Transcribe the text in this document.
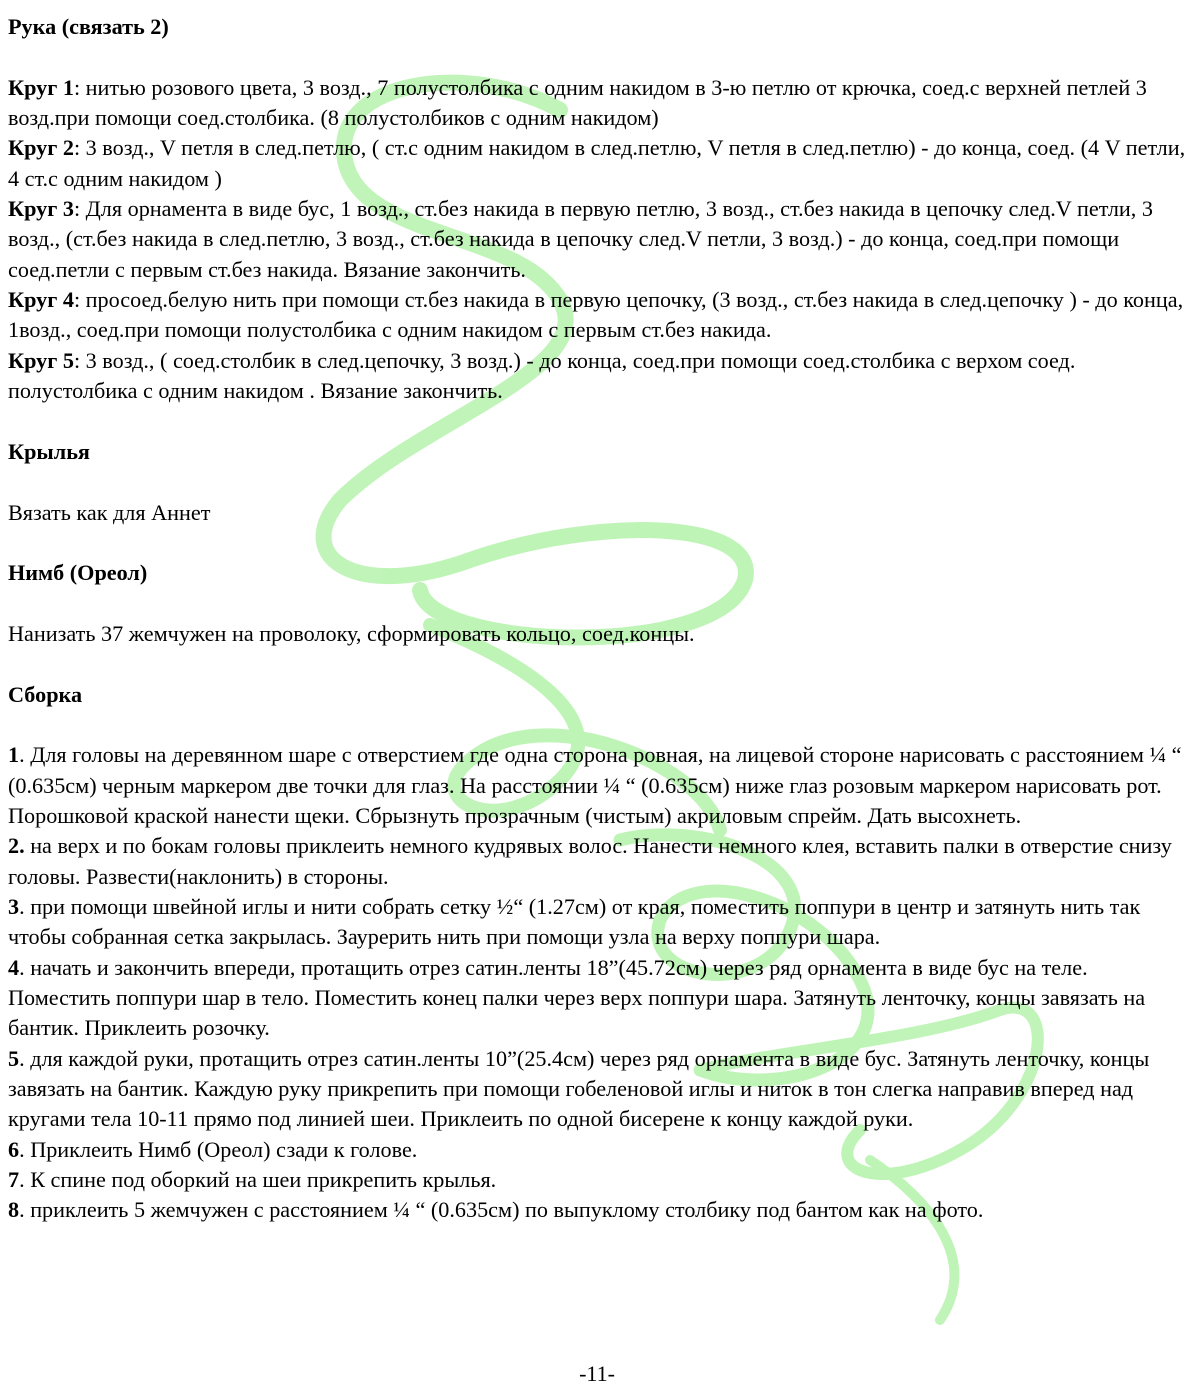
Рука (связать 2)

Круг 1: нитью розового цвета, 3 возд., 7 полустолбика с одним накидом в 3-ю петлю от крючка, соед.с верхней петлей 3 возд.при помощи соед.столбика. (8 полустолбиков с одним накидом)

Круг 2: 3 возд., V петля в след.петлю, ( ст.с одним накидом в след.петлю, V петля в след.петлю) - до конца, соед. (4 V петли, 4 ст.с одним накидом )

Круг 3: Для орнамента в виде бус, 1 возд., ст.без накида в первую петлю, 3 возд., ст.без накида в цепочку след.V петли, 3 возд., (ст.без накида в след.петлю, 3 возд., ст.без накида в цепочку след.V петли, 3 возд.) - до конца, соед.при помощи соед.петли с первым ст.без накида. Вязание закончить.

Круг 4: просоед.белую нить при помощи ст.без накида в первую цепочку, (3 возд., ст.без накида в след.цепочку ) - до конца, 1возд., соед.при помощи полустолбика с одним накидом с первым ст.без накида.

Круг 5: 3 возд., ( соед.столбик в след.цепочку, 3 возд.) - до конца, соед.при помощи соед.столбика с верхом соед. полустолбика с одним накидом . Вязание закончить.

Крылья

Вязать как для Аннет

Нимб (Ореол)

Нанизать 37 жемчужен на проволоку, сформировать кольцо, соед.концы.

Сборка

1. Для головы на деревянном шаре с отверстием где одна сторона ровная, на лицевой стороне нарисовать с расстоянием ¼ “ (0.635см) черным маркером две точки для глаз. На расстоянии ¼ “ (0.635см) ниже глаз розовым маркером нарисовать рот. Порошковой краской нанести щеки. Сбрызнуть прозрачным (чистым) акриловым спрейм. Дать высохнеть.

2. на верх и по бокам головы приклеить немного кудрявых волос. Нанести немного клея, вставить палки в отверстие снизу головы. Развести(наклонить) в стороны.

3. при помощи швейной иглы и нити собрать сетку ½“ (1.27см) от края, поместить поппури в центр и затянуть нить так чтобы собранная сетка закрылась. Заурерить нить при помощи узла на верху поппури шара.

4. начать и закончить впереди, протащить отрез сатин.ленты 18”(45.72см) через ряд орнамента в виде бус на теле. Поместить поппури шар в тело. Поместить конец палки через верх поппури шара. Затянуть ленточку, концы завязать на бантик. Приклеить розочку.

5. для каждой руки, протащить отрез сатин.ленты 10”(25.4см) через ряд орнамента в виде бус. Затянуть ленточку, концы завязать на бантик. Каждую руку прикрепить при помощи гобеленовой иглы и ниток в тон слегка направив вперед над кругами тела 10-11 прямо под линией шеи. Приклеить по одной бисерене к концу каждой руки.

6. Приклеить Нимб (Ореол) сзади к голове.

7. К спине под оборкий на шеи прикрепить крылья.

8. приклеить 5 жемчужен с расстоянием ¼ “ (0.635см) по выпуклому столбику под бантом как на фото.

-11-
